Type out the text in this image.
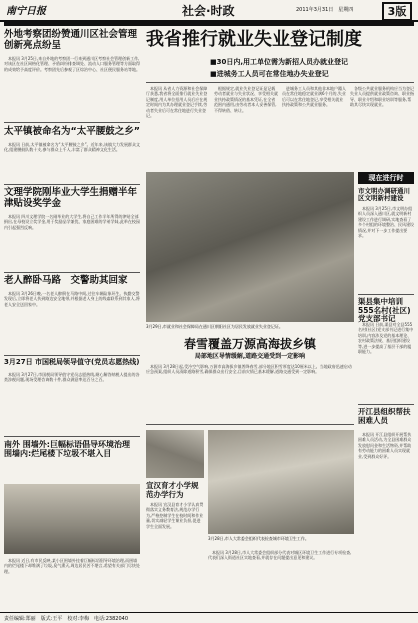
南宁日报	社会·时政	2011年3月31日　星期四	3版
我省推行就业失业登记制度
■30日内,用工单位需为新招人员办就业登记
■进城务工人员可在常住地办失业登记
　本报讯 从省人力资源和社会保障厅获悉,我省将全面推行就业失业登记制度,用人单位招用人员后应在规定时间内为其办理就业登记手续,劳动者失业后可在常住地进行失业登记。
　根据规定,就业失业登记证是记载劳动者就业与失业状况、享受相关就业扶持政策情况的基本凭证,在全省范围内通用,由劳动者本人妥善保管,不得转借、转让。
　进城务工人员和其他非本地户籍人员在常住地稳定就业满6个月的,失业后可以在常住地登记,享受相关就业扶持政策和公共就业服务。
　各级公共就业服务机构应当为登记失业人员提供就业政策咨询、职业指导、职业介绍和职业培训等服务,帮助其尽快实现就业。
外地考察团纷赞通川区社会管理创新亮点纷呈
　本报讯 3月25日,来自外地的考察团一行来到通川区考察社会管理创新工作,对该区在社区网格化管理、矛盾纠纷排查调处、流动人口服务管理等方面取得的成效给予高度评价。考察团先后参观了区综治中心、社区便民服务站等地。
太平镇被命名为“太平腰鼓之乡”
　本报讯 日前,太平镇被命名为“太平腰鼓之乡”。近年来,该镇大力发展群众文化,组建腰鼓队数十支,参与群众上千人,丰富了群众精神文化生活。
文理学院刚毕业大学生捐赠半年津贴设奖学金
　本报讯 四川文理学院一名刚毕业的大学生,将自己工作半年所得的津贴全部捐出,在母校设立奖学金,用于奖励品学兼优、家庭困难的学弟学妹,此举在校园内引起强烈反响。
老人醉卧马路　交警助其回家
　本报讯 3月26日晚,一名老人醉倒在马路中间,过往车辆险象环生。执勤交警发现后,立即将老人扶到路边安全地带,并根据老人身上的线索联系到其家人,将老人安全送回家中。
3月27日 市国税局领导值守(党员志愿热线)
　本报讯 3月27日,市国税局领导值守党员志愿热线,耐心解答纳税人提出的各类涉税问题,现场受理咨询数十件,群众满意率达百分之百。
南外 围墙外:巨幅标语倡导环境治理　围墙内:烂尾楼下垃圾不堪入目
　本报讯 近日,有市民反映,某小区围墙外挂着巨幅标语倡导环境治理,而围墙内的烂尾楼下却堆满了垃圾,臭气熏天,周边居民苦不堪言,希望有关部门尽快处理。
3月29日,市就业和社会保障局在通川区朝阳社区为居民发放就业失业登记证。
春雪覆盖万源高海拔乡镇
局部地区导情缓解,道路交通受到一定影响
　本报讯 3月28日起,受冷空气影响,万源市高海拔乡镇普降春雪,部分地区积雪厚度达10厘米以上。当地政府迅速启动应急预案,组织人员清除道路积雪,确保群众出行安全,目前灾情已基本缓解,道路交通受到一定影响。
宣汉育才小学规范办学行为
　本报讯 宣汉县育才小学认真贯彻落实义务教育法,规范办学行为,严格控制学生在校时间和作业量,切实减轻学生课业负担,促进学生全面发展。
3月28日,市人大常委会组织代表检查城市环境卫生工作。
　本报讯 3月28日,市人大常委会组织部分代表对城区环境卫生工作进行专项检查,代表们深入街道社区实地查看,并就存在问题提出意见和建议。
现在进行时
市文明办调研通川区文明新村建设
　本报讯 3月25日,市文明办组织人员深入通川区,就文明新村建设工作进行调研,实地查看了多个村组的环境整治、民风建设情况,并对下一步工作提出要求。
渠县集中培训555名村(社区)党支部书记
　本报讯 日前,渠县对全县555名村(社区)党支部书记进行集中培训,内容涉及党的基本理论、农村政策法规、基层组织建设等,进一步提高了基层干部的履职能力。
开江县组织帮扶困难人员
　本报讯 开江县组织开展帮扶困难人员活动,为全县困难群众发放慰问金和生活物资,并帮助有劳动能力的困难人员实现就业,受到群众好评。
责任编辑:郑丽　版式:王平　校对:李梅　电话:2382040
